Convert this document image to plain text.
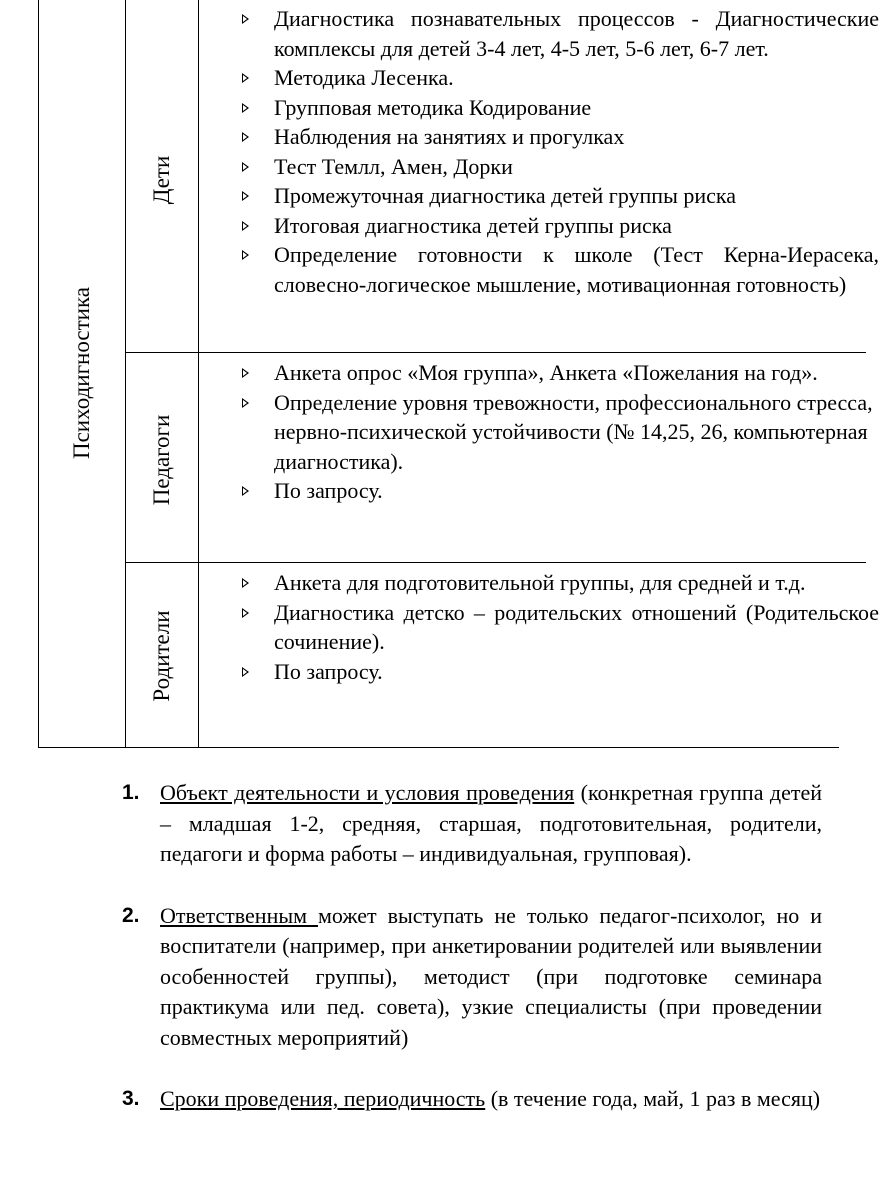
Психодигностика
Дети
Педагоги
Родители
Диагностика познавательных процессов - Диагностические комплексы для детей 3-4 лет, 4-5 лет, 5-6 лет, 6-7 лет.
Методика Лесенка.
Групповая методика Кодирование
Наблюдения на занятиях и прогулках
Тест Темлл, Амен, Дорки
Промежуточная диагностика детей группы риска
Итоговая диагностика детей группы риска
Определение готовности к школе (Тест Керна-Иерасека, словесно-логическое мышление, мотивационная готовность)
Анкета опрос «Моя группа», Анкета «Пожелания на год».
Определение уровня тревожности, профессионального стресса, нервно-психической устойчивости (№ 14,25, 26, компьютерная диагностика).
По запросу.
Анкета для подготовительной группы, для средней и т.д.
Диагностика детско – родительских отношений (Родительское сочинение).
По запросу.
1. Объект деятельности и условия проведения (конкретная группа детей – младшая 1-2, средняя, старшая, подготовительная, родители, педагоги и форма работы – индивидуальная, групповая).
2. Ответственным может выступать не только педагог-психолог, но и воспитатели (например, при анкетировании родителей или выявлении особенностей группы), методист (при подготовке семинара практикума или пед. совета), узкие специалисты (при проведении совместных мероприятий)
3. Сроки проведения, периодичность (в течение года, май, 1 раз в месяц)
